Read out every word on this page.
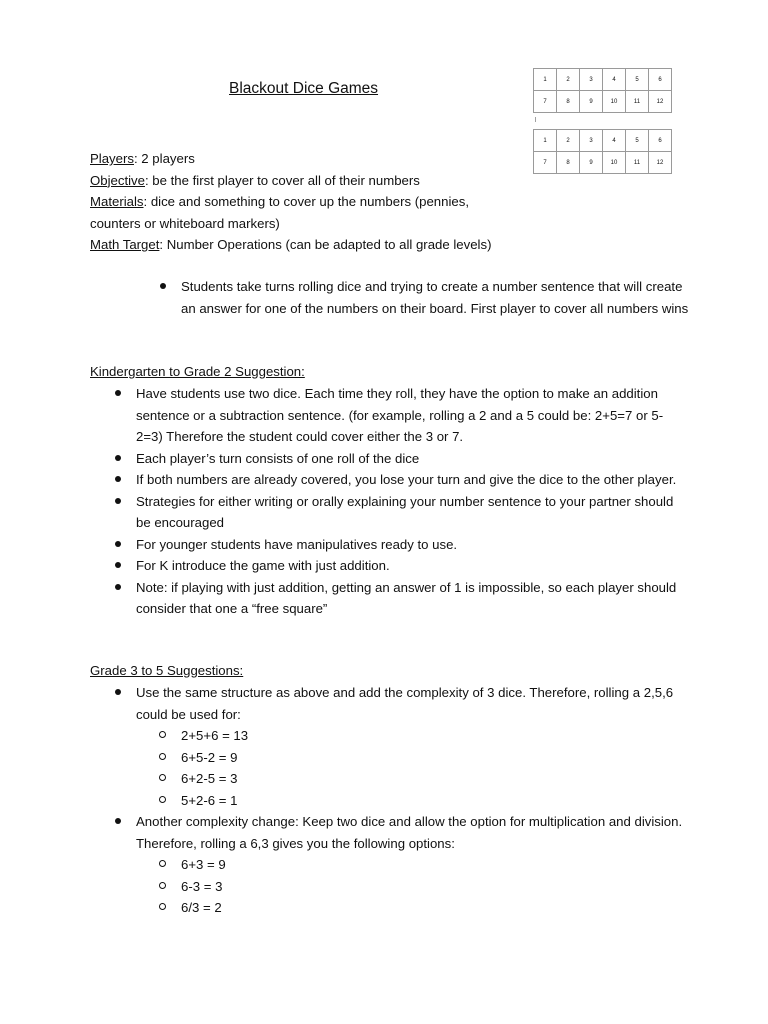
Blackout Dice Games
1	2	3	4	5	6
7	8	9	10	11	12
|
1	2	3	4	5	6
7	8	9	10	11	12
Players: 2 players
Objective: be the first player to cover all of their numbers
Materials: dice and something to cover up the numbers (pennies,
counters or whiteboard markers)
Math Target: Number Operations (can be adapted to all grade levels)
Students take turns rolling dice and trying to create a number sentence that will create an answer for one of the numbers on their board. First player to cover all numbers wins
Kindergarten to Grade 2 Suggestion:
Have students use two dice. Each time they roll, they have the option to make an addition sentence or a subtraction sentence. (for example, rolling a 2 and a 5 could be: 2+5=7 or 5-2=3) Therefore the student could cover either the 3 or 7.
Each player’s turn consists of one roll of the dice
If both numbers are already covered, you lose your turn and give the dice to the other player.
Strategies for either writing or orally explaining your number sentence to your partner should be encouraged
For younger students have manipulatives ready to use.
For K introduce the game with just addition.
Note: if playing with just addition, getting an answer of 1 is impossible, so each player should consider that one a “free square”
Grade 3 to 5 Suggestions:
Use the same structure as above and add the complexity of 3 dice. Therefore, rolling a 2,5,6 could be used for:
2+5+6 = 13
6+5-2 = 9
6+2-5 = 3
5+2-6 = 1
Another complexity change: Keep two dice and allow the option for multiplication and division. Therefore, rolling a 6,3 gives you the following options:
6+3 = 9
6-3 = 3
6/3 = 2
